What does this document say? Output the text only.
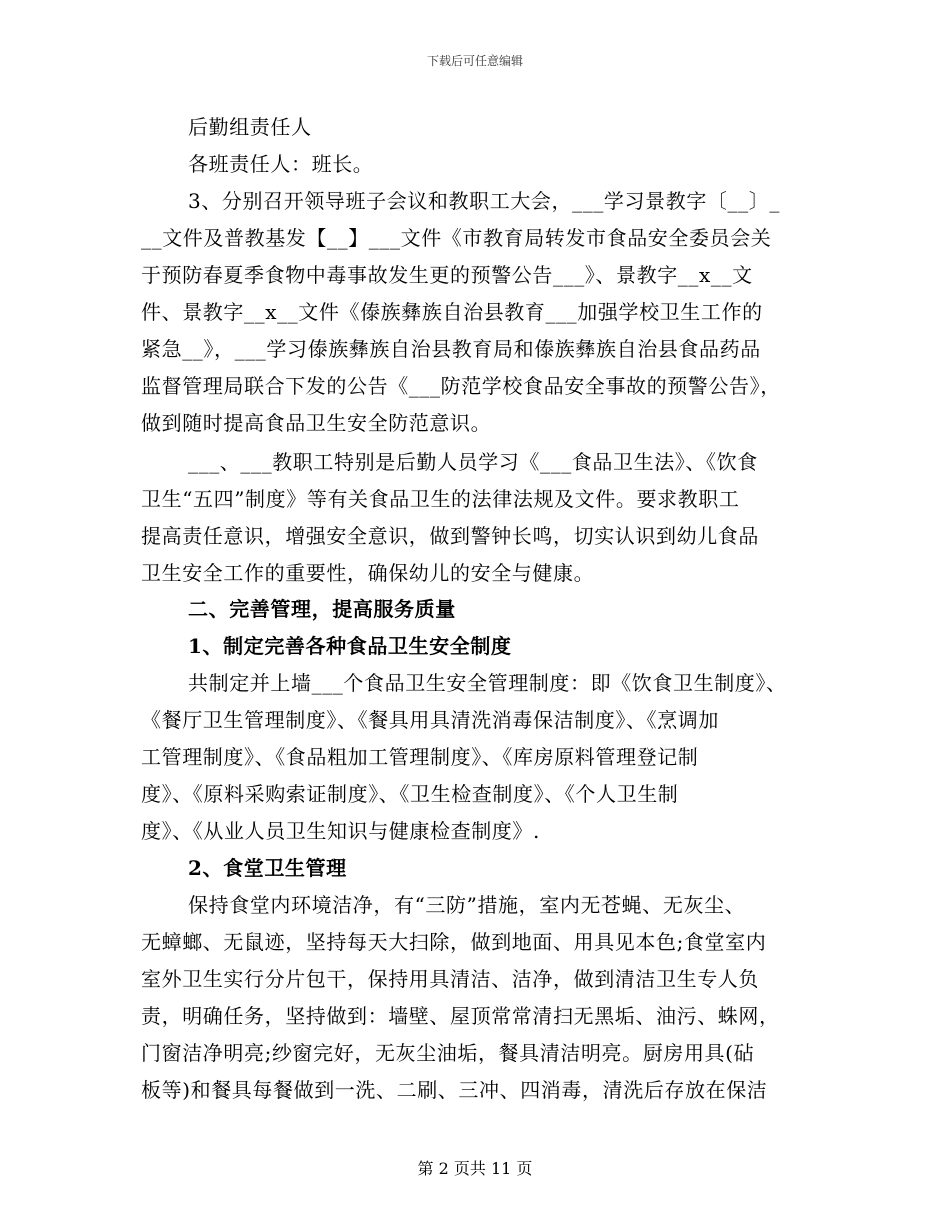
下载后可任意编辑
后勤组责任人
各班责任人：班长。
3、分别召开领导班子会议和教职工大会，___学习景教字〔__〕_
__文件及普教基发【__】___文件《市教育局转发市食品安全委员会关
于预防春夏季食物中毒事故发生更的预警公告___》、景教字__x__文
件、景教字__x__文件《傣族彝族自治县教育___加强学校卫生工作的
紧急__》，___学习傣族彝族自治县教育局和傣族彝族自治县食品药品
监督管理局联合下发的公告《___防范学校食品安全事故的预警公告》，
做到随时提高食品卫生安全防范意识。
___、___教职工特别是后勤人员学习《___食品卫生法》、《饮食
卫生“五四”制度》等有关食品卫生的法律法规及文件。要求教职工
提高责任意识，增强安全意识，做到警钟长鸣，切实认识到幼儿食品
卫生安全工作的重要性，确保幼儿的安全与健康。
二、完善管理，提高服务质量
1、制定完善各种食品卫生安全制度
共制定并上墙___个食品卫生安全管理制度：即《饮食卫生制度》、
《餐厅卫生管理制度》、《餐具用具清洗消毒保洁制度》、《烹调加
工管理制度》、《食品粗加工管理制度》、《库房原料管理登记制
度》、《原料采购索证制度》、《卫生检查制度》、《个人卫生制
度》、《从业人员卫生知识与健康检查制度》.
2、食堂卫生管理
保持食堂内环境洁净，有“三防”措施，室内无苍蝇、无灰尘、
无蟑螂、无鼠迹，坚持每天大扫除，做到地面、用具见本色;食堂室内
室外卫生实行分片包干，保持用具清洁、洁净，做到清洁卫生专人负
责，明确任务，坚持做到：墙壁、屋顶常常清扫无黑垢、油污、蛛网，
门窗洁净明亮;纱窗完好，无灰尘油垢，餐具清洁明亮。厨房用具(砧
板等)和餐具每餐做到一洗、二刷、三冲、四消毒，清洗后存放在保洁
第 2 页共 11 页
